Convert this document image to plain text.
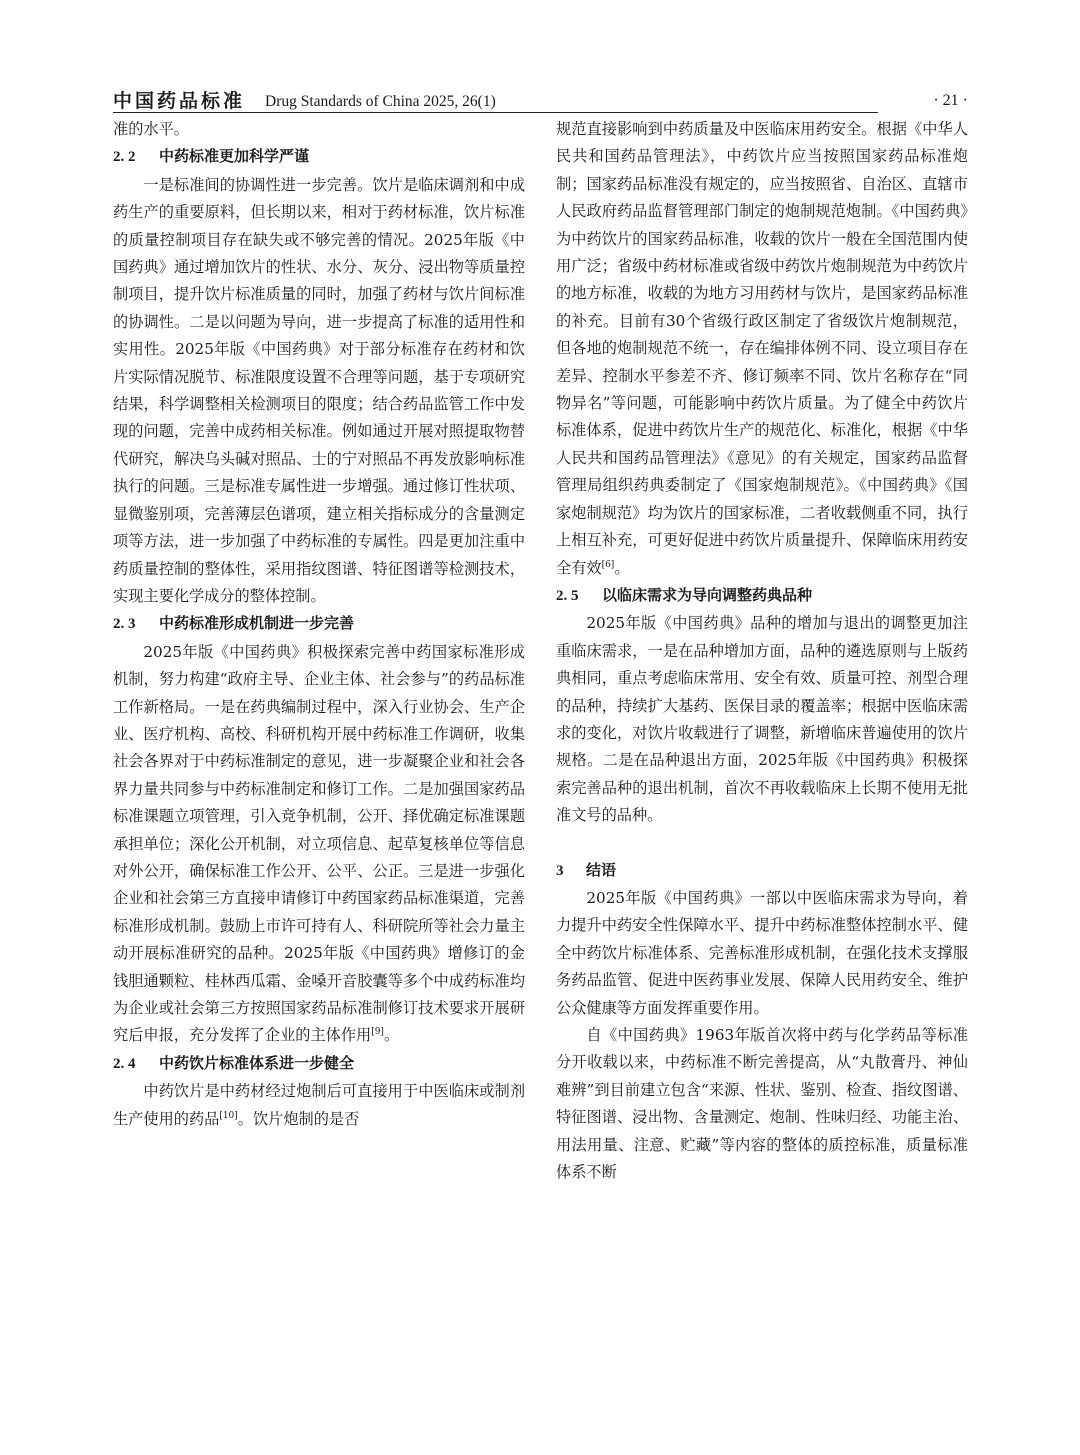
中国药品标准 Drug Standards of China 2025, 26(1)	· 21 ·

准的水平。

2. 2 中药标准更加科学严谨

一是标准间的协调性进一步完善。饮片是临床调剂和中成药生产的重要原料，但长期以来，相对于药材标准，饮片标准的质量控制项目存在缺失或不够完善的情况。2025年版《中国药典》通过增加饮片的性状、水分、灰分、浸出物等质量控制项目，提升饮片标准质量的同时，加强了药材与饮片间标准的协调性。二是以问题为导向，进一步提高了标准的适用性和实用性。2025年版《中国药典》对于部分标准存在药材和饮片实际情况脱节、标准限度设置不合理等问题，基于专项研究结果，科学调整相关检测项目的限度；结合药品监管工作中发现的问题，完善中成药相关标准。例如通过开展对照提取物替代研究，解决乌头碱对照品、士的宁对照品不再发放影响标准执行的问题。三是标准专属性进一步增强。通过修订性状项、显微鉴别项，完善薄层色谱项，建立相关指标成分的含量测定项等方法，进一步加强了中药标准的专属性。四是更加注重中药质量控制的整体性，采用指纹图谱、特征图谱等检测技术，实现主要化学成分的整体控制。

2. 3 中药标准形成机制进一步完善

2025年版《中国药典》积极探索完善中药国家标准形成机制，努力构建“政府主导、企业主体、社会参与”的药品标准工作新格局。一是在药典编制过程中，深入行业协会、生产企业、医疗机构、高校、科研机构开展中药标准工作调研，收集社会各界对于中药标准制定的意见，进一步凝聚企业和社会各界力量共同参与中药标准制定和修订工作。二是加强国家药品标准课题立项管理，引入竞争机制，公开、择优确定标准课题承担单位；深化公开机制，对立项信息、起草复核单位等信息对外公开，确保标准工作公开、公平、公正。三是进一步强化企业和社会第三方直接申请修订中药国家药品标准渠道，完善标准形成机制。鼓励上市许可持有人、科研院所等社会力量主动开展标准研究的品种。2025年版《中国药典》增修订的金钱胆通颗粒、桂林西瓜霜、金嗓开音胶囊等多个中成药标准均为企业或社会第三方按照国家药品标准制修订技术要求开展研究后申报，充分发挥了企业的主体作用[9]。

2. 4 中药饮片标准体系进一步健全

中药饮片是中药材经过炮制后可直接用于中医临床或制剂生产使用的药品[10]。饮片炮制的是否

规范直接影响到中药质量及中医临床用药安全。根据《中华人民共和国药品管理法》，中药饮片应当按照国家药品标准炮制；国家药品标准没有规定的，应当按照省、自治区、直辖市人民政府药品监督管理部门制定的炮制规范炮制。《中国药典》为中药饮片的国家药品标准，收载的饮片一般在全国范围内使用广泛；省级中药材标准或省级中药饮片炮制规范为中药饮片的地方标准，收载的为地方习用药材与饮片，是国家药品标准的补充。目前有30个省级行政区制定了省级饮片炮制规范，但各地的炮制规范不统一，存在编排体例不同、设立项目存在差异、控制水平参差不齐、修订频率不同、饮片名称存在“同物异名”等问题，可能影响中药饮片质量。为了健全中药饮片标准体系，促进中药饮片生产的规范化、标准化，根据《中华人民共和国药品管理法》《意见》的有关规定，国家药品监督管理局组织药典委制定了《国家炮制规范》。《中国药典》《国家炮制规范》均为饮片的国家标准，二者收载侧重不同，执行上相互补充，可更好促进中药饮片质量提升、保障临床用药安全有效[6]。

2. 5 以临床需求为导向调整药典品种

2025年版《中国药典》品种的增加与退出的调整更加注重临床需求，一是在品种增加方面，品种的遴选原则与上版药典相同，重点考虑临床常用、安全有效、质量可控、剂型合理的品种，持续扩大基药、医保目录的覆盖率；根据中医临床需求的变化，对饮片收载进行了调整，新增临床普遍使用的饮片规格。二是在品种退出方面，2025年版《中国药典》积极探索完善品种的退出机制，首次不再收载临床上长期不使用无批准文号的品种。

3 结语

2025年版《中国药典》一部以中医临床需求为导向，着力提升中药安全性保障水平、提升中药标准整体控制水平、健全中药饮片标准体系、完善标准形成机制，在强化技术支撑服务药品监管、促进中医药事业发展、保障人民用药安全、维护公众健康等方面发挥重要作用。

自《中国药典》1963年版首次将中药与化学药品等标准分开收载以来，中药标准不断完善提高，从“丸散膏丹、神仙难辨”到目前建立包含“来源、性状、鉴别、检查、指纹图谱、特征图谱、浸出物、含量测定、炮制、性味归经、功能主治、用法用量、注意、贮藏”等内容的整体的质控标准，质量标准体系不断
